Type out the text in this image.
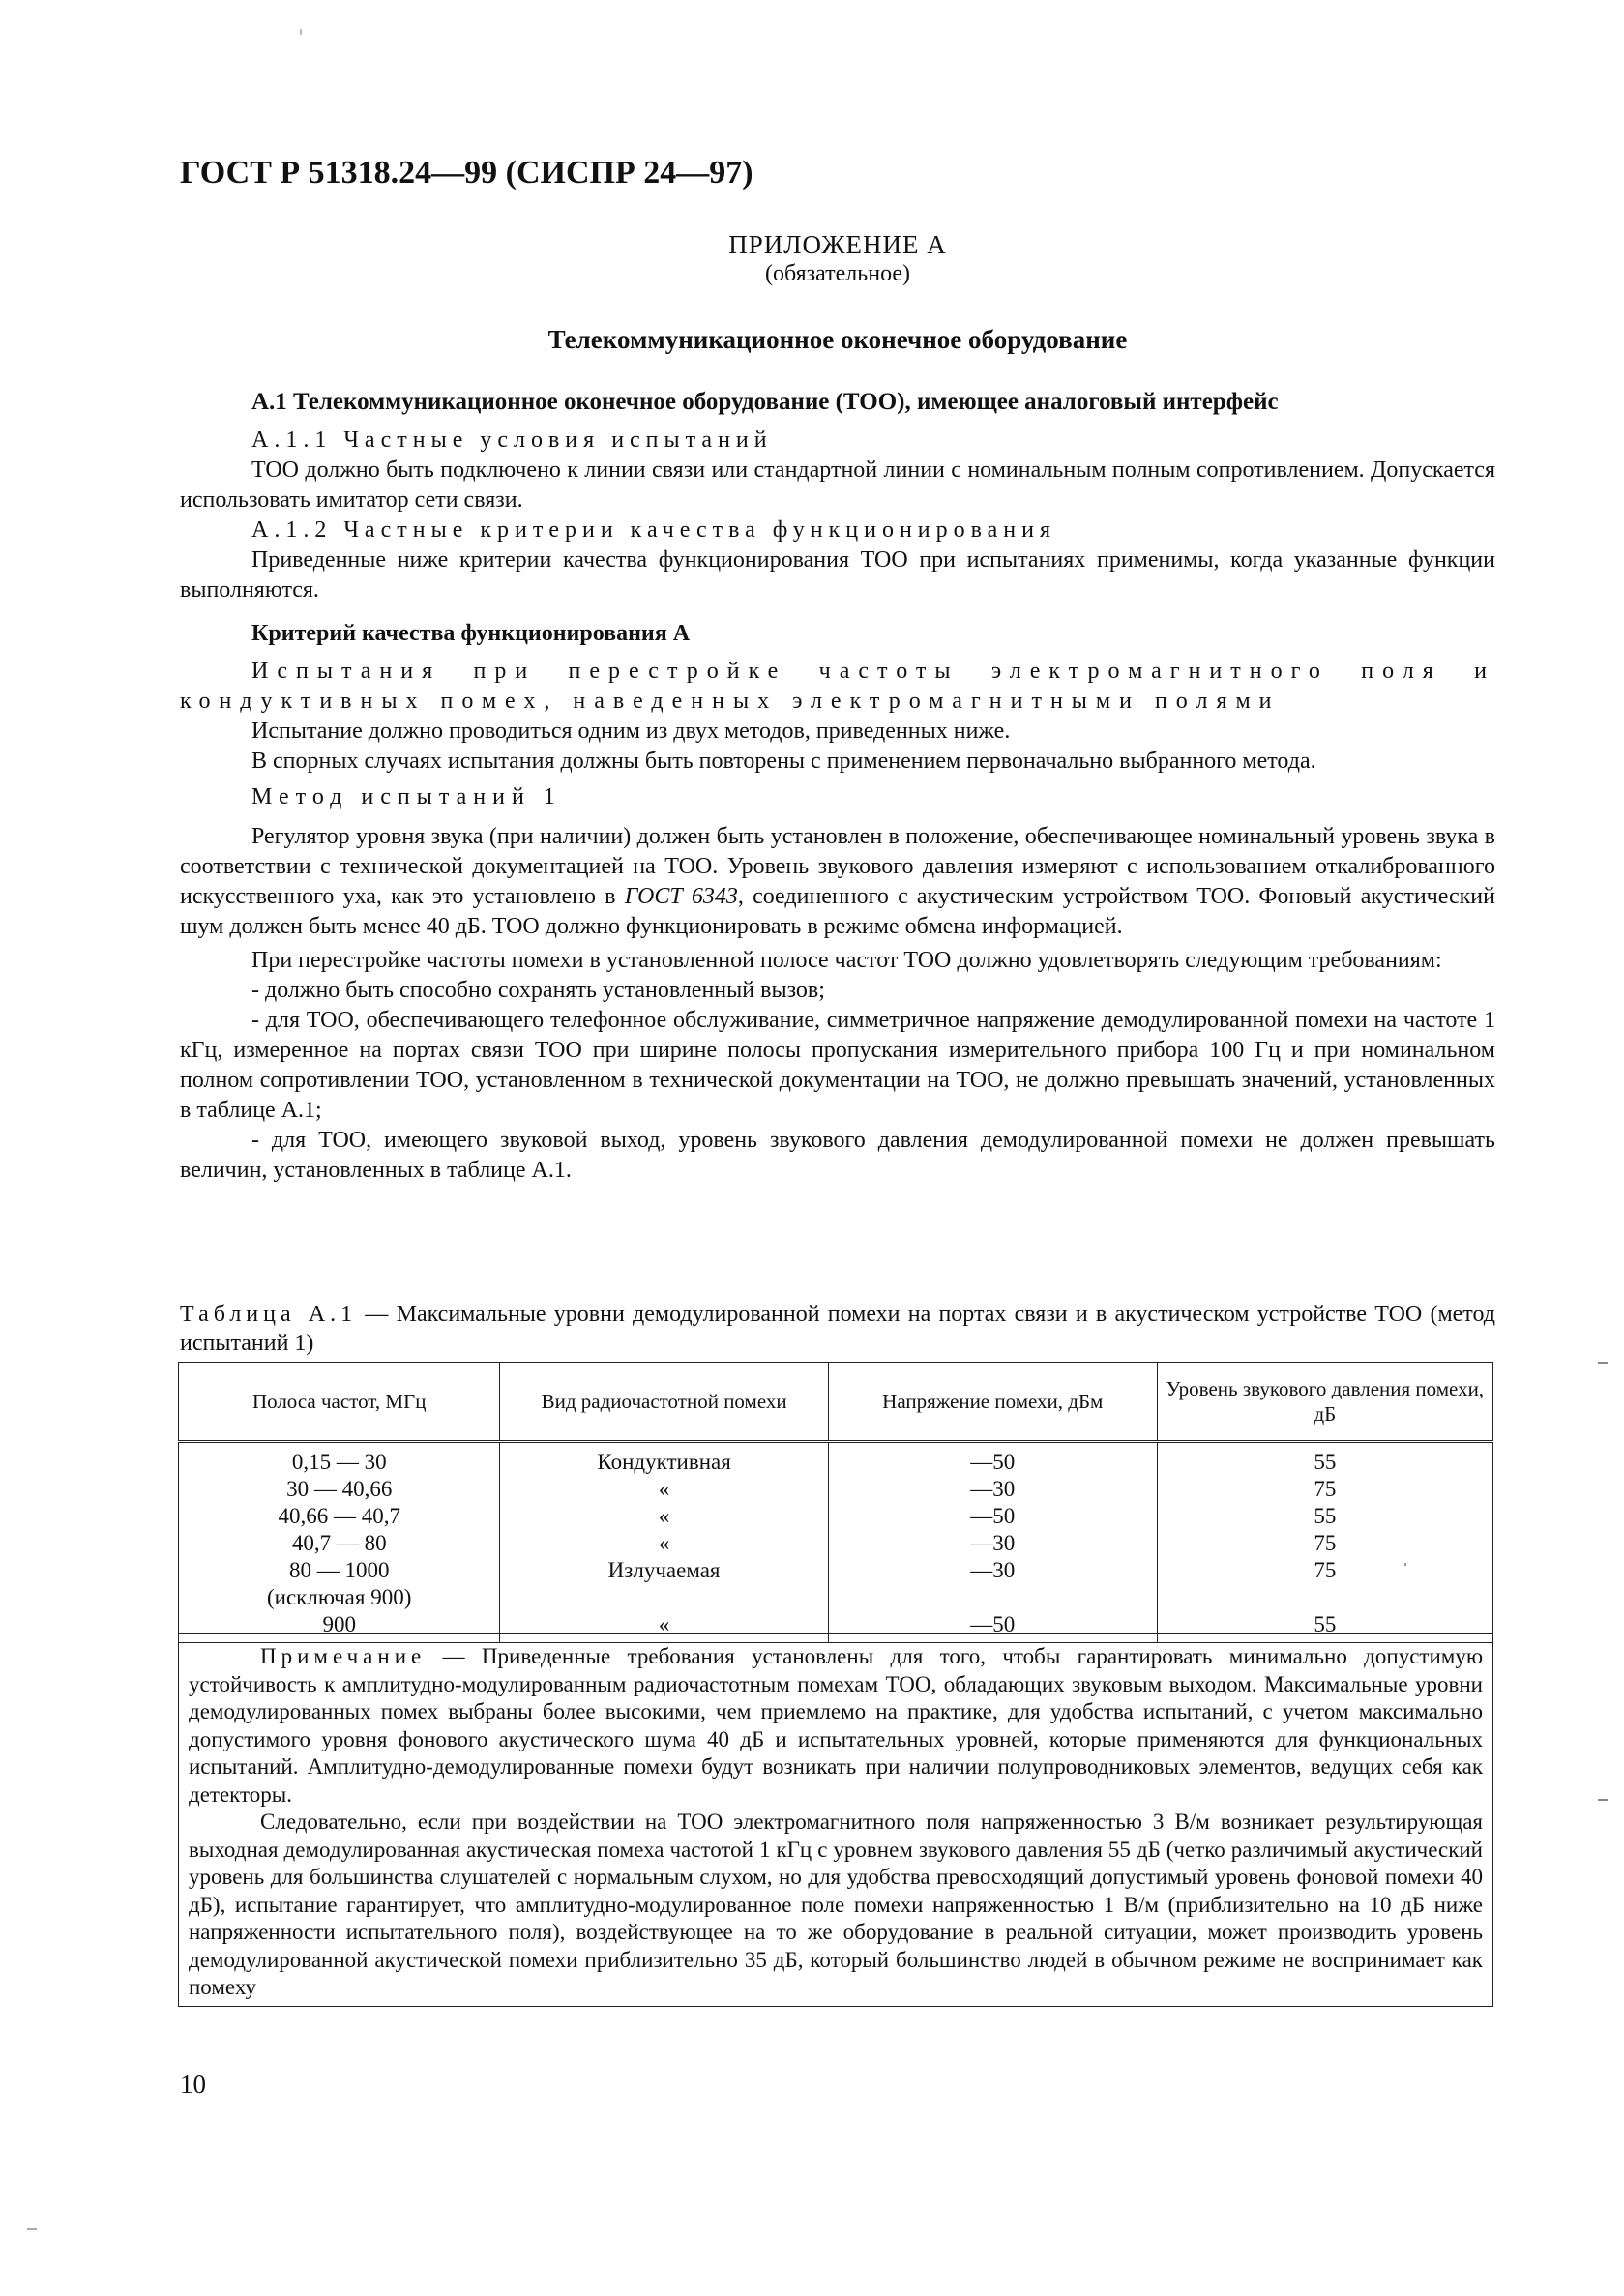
ГОСТ Р 51318.24—99 (СИСПР 24—97)
ПРИЛОЖЕНИЕ А
(обязательное)
Телекоммуникационное оконечное оборудование
А.1 Телекоммуникационное оконечное оборудование (ТОО), имеющее аналоговый интерфейс

А.1.1 Частные условия испытаний

ТОО должно быть подключено к линии связи или стандартной линии с номинальным полным сопротивлением. Допускается использовать имитатор сети связи.

А.1.2 Частные критерии качества функционирования

Приведенные ниже критерии качества функционирования ТОО при испытаниях применимы, когда указанные функции выполняются.

Критерий качества функционирования А

Испытания при перестройке частоты электромагнитного поля и кондуктивных помех, наведенных электромагнитными полями

Испытание должно проводиться одним из двух методов, приведенных ниже.

В спорных случаях испытания должны быть повторены с применением первоначально выбранного метода.

Метод испытаний 1

Регулятор уровня звука (при наличии) должен быть установлен в положение, обеспечивающее номинальный уровень звука в соответствии с технической документацией на ТОО. Уровень звукового давления измеряют с использованием откалиброванного искусственного уха, как это установлено в ГОСТ 6343, соединенного с акустическим устройством ТОО. Фоновый акустический шум должен быть менее 40 дБ. ТОО должно функционировать в режиме обмена информацией.

При перестройке частоты помехи в установленной полосе частот ТОО должно удовлетворять следующим требованиям:

- должно быть способно сохранять установленный вызов;

- для ТОО, обеспечивающего телефонное обслуживание, симметричное напряжение демодулированной помехи на частоте 1 кГц, измеренное на портах связи ТОО при ширине полосы пропускания измерительного прибора 100 Гц и при номинальном полном сопротивлении ТОО, установленном в технической документации на ТОО, не должно превышать значений, установленных в таблице А.1;

- для ТОО, имеющего звуковой выход, уровень звукового давления демодулированной помехи не должен превышать величин, установленных в таблице А.1.

Таблица А.1 — Максимальные уровни демодулированной помехи на портах связи и в акустическом устройстве ТОО (метод испытаний 1)
Полоса частот, МГц	Вид радиочастотной помехи	Напряжение помехи, дБм	Уровень звукового давления помехи, дБ
0,15 — 30	Кондуктивная	—50	55
30 — 40,66	«	—30	75
40,66 — 40,7	«	—50	55
40,7 — 80	«	—30	75
80 — 1000	Излучаемая	—30	75
(исключая 900)			
900	«	—50	55

Примечание — Приведенные требования установлены для того, чтобы гарантировать минимально допустимую устойчивость к амплитудно-модулированным радиочастотным помехам ТОО, обладающих звуковым выходом. Максимальные уровни демодулированных помех выбраны более высокими, чем приемлемо на практике, для удобства испытаний, с учетом максимально допустимого уровня фонового акустического шума 40 дБ и испытательных уровней, которые применяются для функциональных испытаний. Амплитудно-демодулированные помехи будут возникать при наличии полупроводниковых элементов, ведущих себя как детекторы.

Следовательно, если при воздействии на ТОО электромагнитного поля напряженностью 3 В/м возникает результирующая выходная демодулированная акустическая помеха частотой 1 кГц с уровнем звукового давления 55 дБ (четко различимый акустический уровень для большинства слушателей с нормальным слухом, но для удобства превосходящий допустимый уровень фоновой помехи 40 дБ), испытание гарантирует, что амплитудно-модулированное поле помехи напряженностью 1 В/м (приблизительно на 10 дБ ниже напряженности испытательного поля), воздействующее на то же оборудование в реальной ситуации, может производить уровень демодулированной акустической помехи приблизительно 35 дБ, который большинство людей в обычном режиме не воспринимает как помеху

10
